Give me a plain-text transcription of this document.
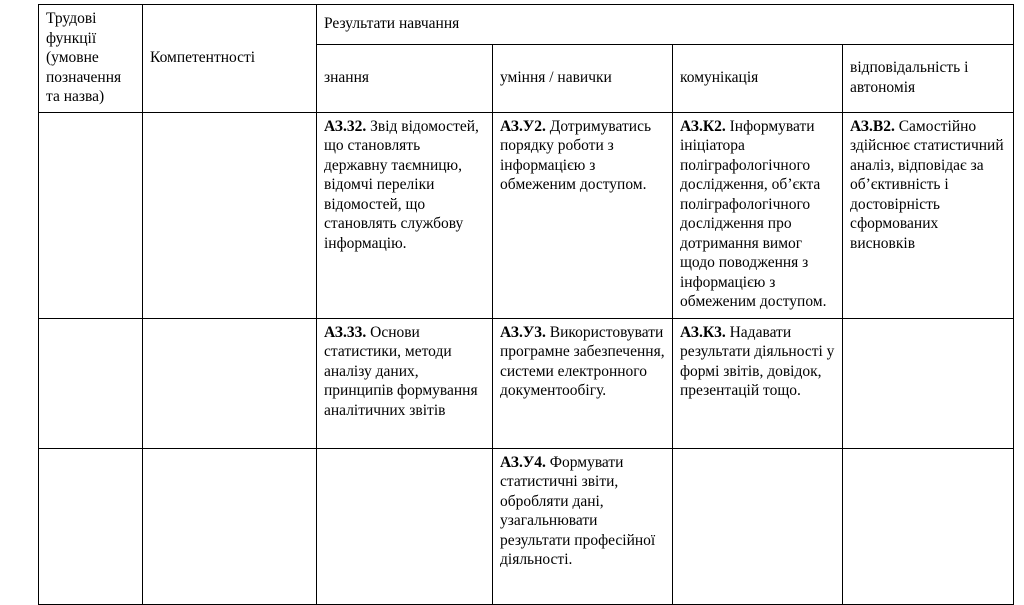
Трудові функції (умовне позначення та назва)	Компетентності	Результати навчання			
		знання	уміння / навички	комунікація	відповідальність і автономія
		АЗ.32. Звід відомостей, що становлять державну таємницю, відомчі переліки відомостей, що становлять службову інформацію.	АЗ.У2. Дотримуватись порядку роботи з інформацією з обмеженим доступом.	АЗ.К2. Інформувати ініціатора поліграфологічного дослідження, об’єкта поліграфологічного дослідження про дотримання вимог щодо поводження з інформацією з обмеженим доступом.	АЗ.В2. Самостійно здійснює статистичний аналіз, відповідає за об’єктивність і достовірність сформованих висновків
		АЗ.33. Основи статистики, методи аналізу даних, принципів формування аналітичних звітів	АЗ.У3. Використовувати програмне забезпечення, системи електронного документообігу.	АЗ.К3. Надавати результати діяльності у формі звітів, довідок, презентацій тощо.	
			АЗ.У4. Формувати статистичні звіти, обробляти дані, узагальнювати результати професійної діяльності.		
